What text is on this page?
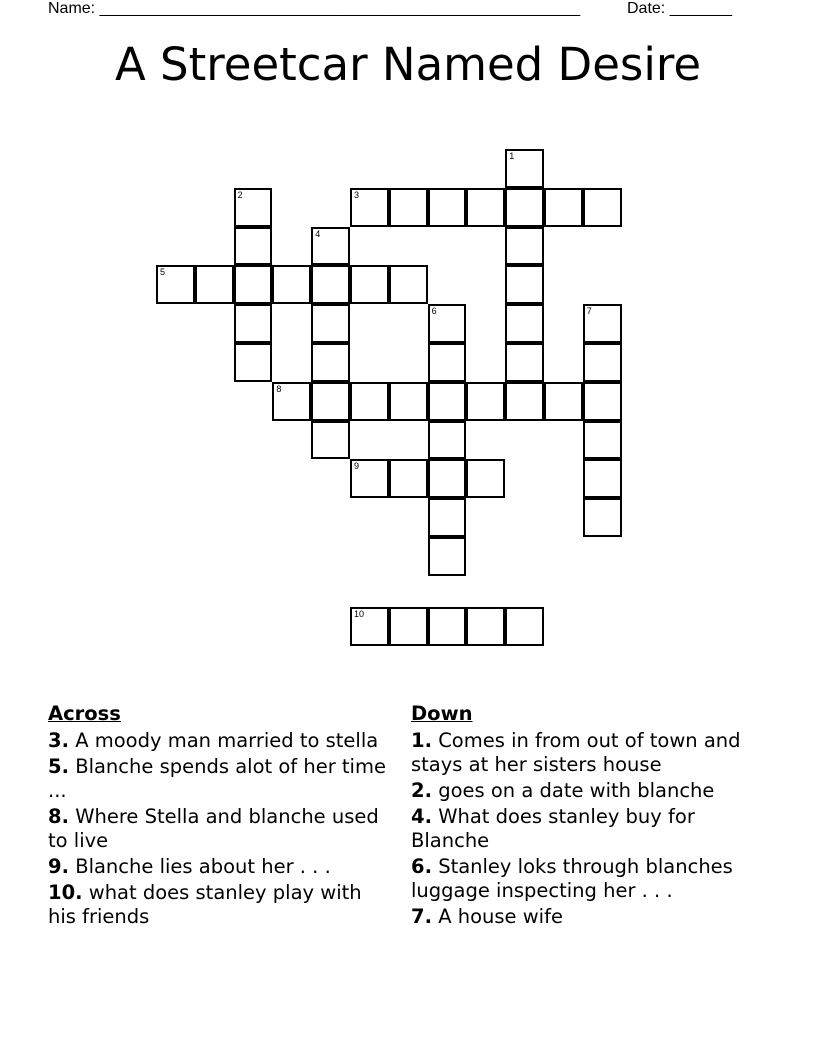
Name: ______________________________________________________	Date: _______
A Streetcar Named Desire
1
2	3
4
5
6	7
8
9
10
Across
3. A moody man married to stella
5. Blanche spends alot of her time ...
8. Where Stella and blanche used to live
9. Blanche lies about her . . .
10. what does stanley play with his friends
Down
1. Comes in from out of town and stays at her sisters house
2. goes on a date with blanche
4. What does stanley buy for Blanche
6. Stanley loks through blanches luggage inspecting her . . .
7. A house wife
